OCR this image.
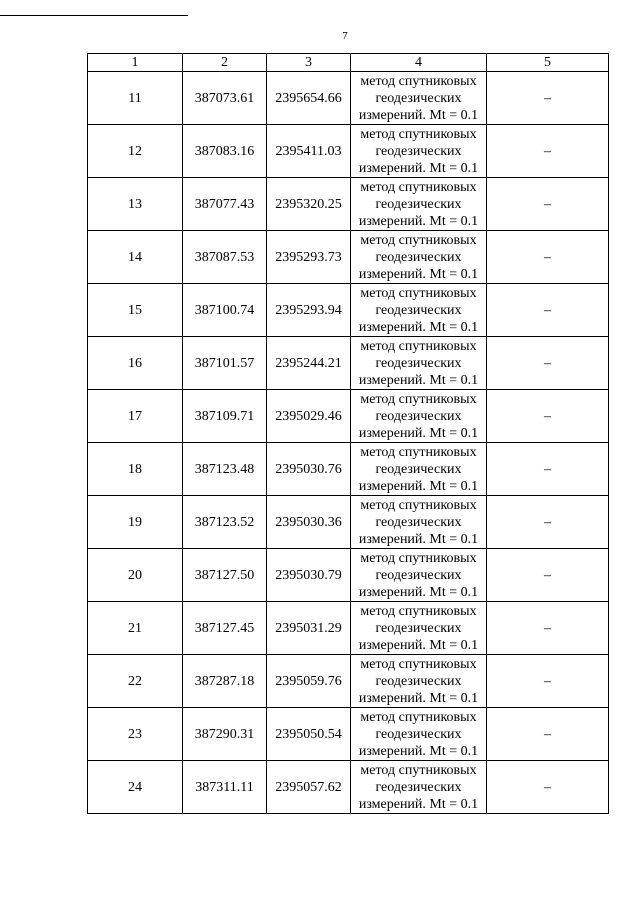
7
1	2	3	4	5
11	387073.61	2395654.66	метод спутниковых
геодезических
измерений. Mt = 0.1	–
12	387083.16	2395411.03	метод спутниковых
геодезических
измерений. Mt = 0.1	–
13	387077.43	2395320.25	метод спутниковых
геодезических
измерений. Mt = 0.1	–
14	387087.53	2395293.73	метод спутниковых
геодезических
измерений. Mt = 0.1	–
15	387100.74	2395293.94	метод спутниковых
геодезических
измерений. Mt = 0.1	–
16	387101.57	2395244.21	метод спутниковых
геодезических
измерений. Mt = 0.1	–
17	387109.71	2395029.46	метод спутниковых
геодезических
измерений. Mt = 0.1	–
18	387123.48	2395030.76	метод спутниковых
геодезических
измерений. Mt = 0.1	–
19	387123.52	2395030.36	метод спутниковых
геодезических
измерений. Mt = 0.1	–
20	387127.50	2395030.79	метод спутниковых
геодезических
измерений. Mt = 0.1	–
21	387127.45	2395031.29	метод спутниковых
геодезических
измерений. Mt = 0.1	–
22	387287.18	2395059.76	метод спутниковых
геодезических
измерений. Mt = 0.1	–
23	387290.31	2395050.54	метод спутниковых
геодезических
измерений. Mt = 0.1	–
24	387311.11	2395057.62	метод спутниковых
геодезических
измерений. Mt = 0.1	–
